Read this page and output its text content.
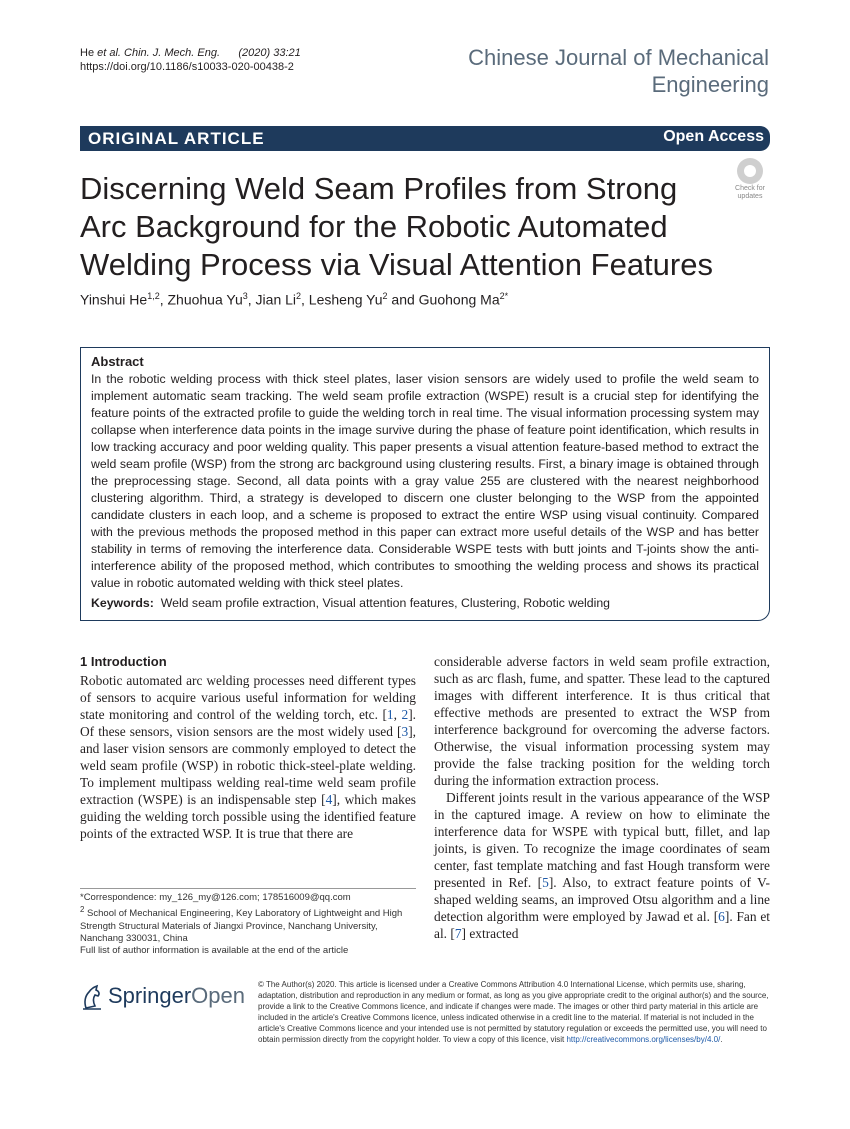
He et al. Chin. J. Mech. Eng. (2020) 33:21
https://doi.org/10.1186/s10033-020-00438-2	Chinese Journal of Mechanical
Engineering
ORIGINAL ARTICLE	Open Access
Discerning Weld Seam Profiles from Strong
Arc Background for the Robotic Automated
Welding Process via Visual Attention Features
Check for
updates
Yinshui He$^{1,2}$, Zhuohua Yu$^3$, Jian Li$^2$, Lesheng Yu$^2$ and Guohong $Ma^{2*}$
Abstract
In the robotic welding process with thick steel plates, laser vision sensors are widely used to profile the weld seam to implement automatic seam tracking. The weld seam profile extraction (WSPE) result is a crucial step for identifying the feature points of the extracted profile to guide the welding torch in real time. The visual information processing system may collapse when interference data points in the image survive during the phase of feature point identification, which results in low tracking accuracy and poor welding quality. This paper presents a visual attention feature-based method to extract the weld seam profile (WSP) from the strong arc background using clustering results. First, a binary image is obtained through the preprocessing stage. Second, all data points with a gray value 255 are clustered with the nearest neighborhood clustering algorithm. Third, a strategy is developed to discern one cluster belonging to the WSP from the appointed candidate clusters in each loop, and a scheme is proposed to extract the entire WSP using visual continuity. Compared with the previous methods the proposed method in this paper can extract more useful details of the WSP and has better stability in terms of removing the interference data. Considerable WSPE tests with butt joints and T-joints show the anti-interference ability of the proposed method, which contributes to smoothing the welding process and shows its practical value in robotic automated welding with thick steel plates.
Keywords: Weld seam profile extraction, Visual attention features, Clustering, Robotic welding
1 Introduction

Robotic automated arc welding processes need different types of sensors to acquire various useful information for welding state monitoring and control of the welding torch, etc. [1, 2]. Of these sensors, vision sensors are the most widely used [3], and laser vision sensors are commonly employed to detect the weld seam profile (WSP) in robotic thick-steel-plate welding. To implement multipass welding real-time weld seam profile extraction (WSPE) is an indispensable step [4], which makes guiding the welding torch possible using the identified feature points of the extracted WSP. It is true that there are

*Correspondence: my_126_my@126.com; 178516009@qq.com
$^2$ School of Mechanical Engineering, Key Laboratory of Lightweight and High Strength Structural Materials of Jiangxi Province, Nanchang University, Nanchang 330031, China
Full list of author information is available at the end of the article

considerable adverse factors in weld seam profile extraction, such as arc flash, fume, and spatter. These lead to the captured images with different interference. It is thus critical that effective methods are presented to extract the WSP from interference background for overcoming the adverse factors. Otherwise, the visual information processing system may provide the false tracking position for the welding torch during the information extraction process.

Different joints result in the various appearance of the WSP in the captured image. A review on how to eliminate the interference data for WSPE with typical butt, fillet, and lap joints, is given. To recognize the image coordinates of seam center, fast template matching and fast Hough transform were presented in Ref. [5]. Also, to extract feature points of V-shaped welding seams, an improved Otsu algorithm and a line detection algorithm were employed by Jawad et al. [6]. Fan et al. [7] extracted

SpringerOpen © The Author(s) 2020. This article is licensed under a Creative Commons Attribution 4.0 International License, which permits use, sharing, adaptation, distribution and reproduction in any medium or format, as long as you give appropriate credit to the original author(s) and the source, provide a link to the Creative Commons licence, and indicate if changes were made. The images or other third party material in this article are included in the article's Creative Commons licence, unless indicated otherwise in a credit line to the material. If material is not included in the article's Creative Commons licence and your intended use is not permitted by statutory regulation or exceeds the permitted use, you will need to obtain permission directly from the copyright holder. To view a copy of this licence, visit http://creativecommons.org/licenses/by/4.0/.
